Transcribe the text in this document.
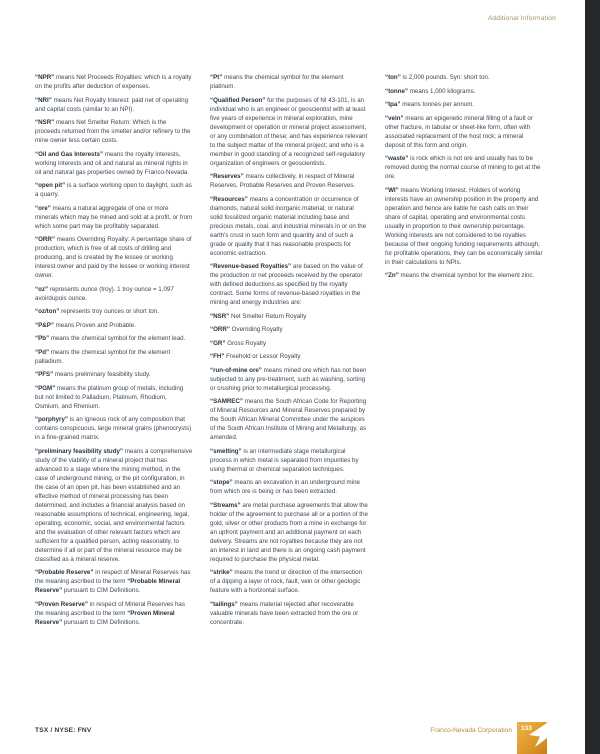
Additional Information

“NPR” means Net Proceeds Royalties: which is a royalty on the profits after deduction of expenses.

“NRI” means Net Royalty Interest: paid net of operating and capital costs (similar to an NPI).

“NSR” means Net Smelter Return: Which is the proceeds returned from the smelter and/or refinery to the mine owner less certain costs.

“Oil and Gas Interests” means the royalty interests, working interests and oil and natural as mineral rights in oil and natural gas properties owned by Franco-Nevada.

“open pit” is a surface working open to daylight, such as a quarry.

“ore” means a natural aggregate of one or more minerals which may be mined and sold at a profit, or from which some part may be profitably separated.

“ORR” means Overriding Royalty: A percentage share of production, which is free of all costs of drilling and producing, and is created by the lessee or working interest owner and paid by the lessee or working interest owner.

“oz” represents ounce (troy). 1 troy ounce = 1.097 avoirdupois ounce.

“oz/ton” represents troy ounces or short ton.

“P&P” means Proven and Probable.

“Pb” means the chemical symbol for the element lead.

“Pd” means the chemical symbol for the element palladium.

“PFS” means preliminary feasibility study.

“PGM” means the platinum group of metals, including but not limited to Palladium, Platinum, Rhodium, Osmium, and Rhenium.

“porphyry” is an igneous rock of any composition that contains conspicuous, large mineral grains (phenocrysts) in a fine-grained matrix.

“preliminary feasibility study” means a comprehensive study of the viability of a mineral project that has advanced to a stage where the mining method, in the case of underground mining, or the pit configuration, in the case of an open pit, has been established and an effective method of mineral processing has been determined, and includes a financial analysis based on reasonable assumptions of technical, engineering, legal, operating, economic, social, and environmental factors and the evaluation of other relevant factors which are sufficient for a qualified person, acting reasonably, to determine if all or part of the mineral resource may be classified as a mineral reserve.

“Probable Reserve” in respect of Mineral Reserves has the meaning ascribed to the term “Probable Mineral Reserve” pursuant to CIM Definitions.

“Proven Reserve” in respect of Mineral Reserves has the meaning ascribed to the term “Proven Mineral Reserve” pursuant to CIM Definitions.

“Pt” means the chemical symbol for the element platinum.

“Qualified Person” for the purposes of NI 43-101, is an individual who is an engineer or geoscientist with at least five years of experience in mineral exploration, mine development or operation or mineral project assessment, or any combination of these; and has experience relevant to the subject matter of the mineral project; and who is a member in good standing of a recognized self-regulatory organization of engineers or geoscientists.

“Reserves” means collectively, in respect of Mineral Reserves, Probable Reserves and Proven Reserves.

“Resources” means a concentration or occurrence of diamonds, natural solid inorganic material, or natural solid fossilized organic material including base and precious metals, coal, and industrial minerals in or on the earth's crust in such form and quantity and of such a grade or quality that it has reasonable prospects for economic extraction.

“Revenue-based Royalties” are based on the value of the production or net proceeds received by the operator with defined deductions as specified by the royalty contract. Some forms of revenue-based royalties in the mining and energy industries are:

“NSR” Net Smelter Return Royalty

“ORR” Overriding Royalty

“GR” Gross Royalty

“FH” Freehold or Lessor Royalty

“run-of-mine ore” means mined ore which has not been subjected to any pre-treatment, such as washing, sorting or crushing prior to metallurgical processing.

“SAMREC” means the South African Code for Reporting of Mineral Resources and Mineral Reserves prepared by the South African Mineral Committee under the auspices of the South African Institute of Mining and Metallurgy, as amended.

“smelting” is an intermediate stage metallurgical process in which metal is separated from impurities by using thermal or chemical separation techniques.

“stope” means an excavation in an underground mine from which ore is being or has been extracted.

“Streams” are metal purchase agreements that allow the holder of the agreement to purchase all or a portion of the gold, silver or other products from a mine in exchange for an upfront payment and an additional payment on each delivery. Streams are not royalties because they are not an interest in land and there is an ongoing cash payment required to purchase the physical metal.

“strike” means the trend or direction of the intersection of a dipping a layer of rock, fault, vein or other geologic feature with a horizontal surface.

“tailings” means material rejected after recoverable valuable minerals have been extracted from the ore or concentrate.

“ton” is 2,000 pounds. Syn: short ton.

“tonne” means 1,000 kilograms.

“tpa” means tonnes per annum.

“vein” means an epigenetic mineral filling of a fault or other fracture, in tabular or sheet-like form, often with associated replacement of the host rock; a mineral deposit of this form and origin.

“waste” is rock which is not ore and usually has to be removed during the normal course of mining to get at the ore.

“WI” means Working Interest. Holders of working interests have an ownership position in the property and operation and hence are liable for cash calls on their share of capital, operating and environmental costs usually in proportion to their ownership percentage. Working interests are not considered to be royalties because of their ongoing funding requirements although, for profitable operations, they can be economically similar in their calculations to NPIs.

“Zn” means the chemical symbol for the element zinc.

TSX / NYSE: FNV	Franco-Nevada Corporation 133
